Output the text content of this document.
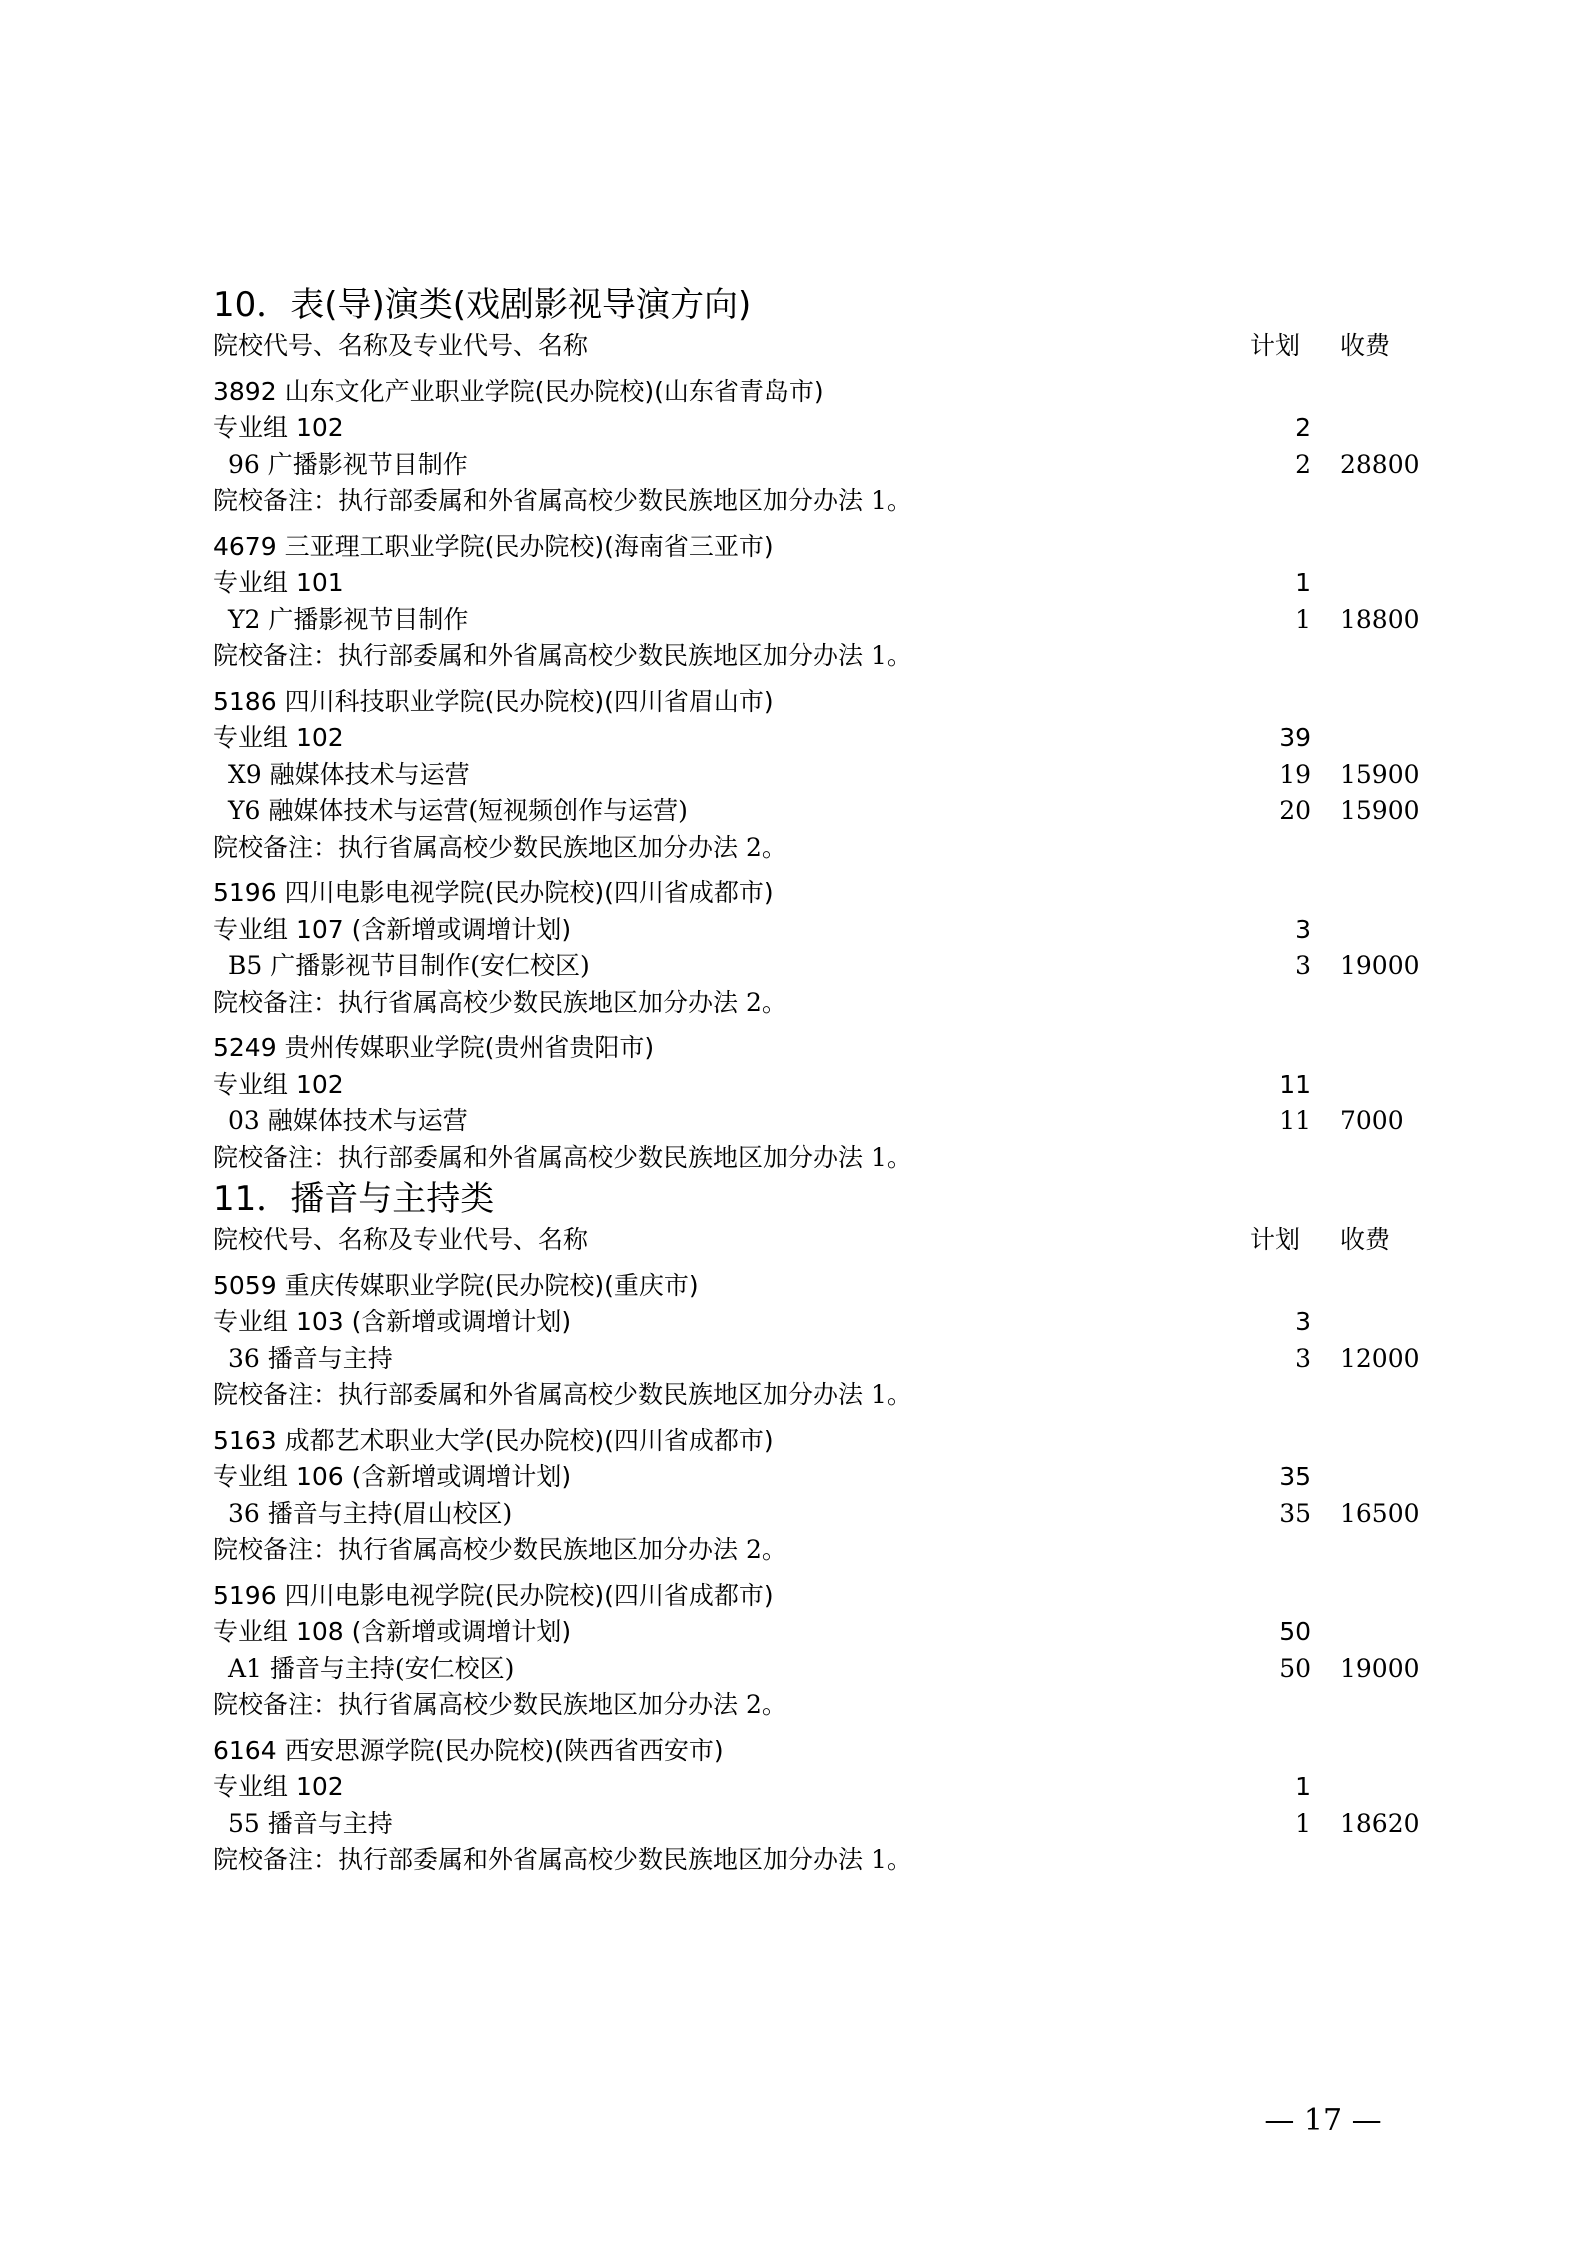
10．表(导)演类(戏剧影视导演方向)
院校代号、名称及专业代号、名称	计划	收费
3892 山东文化产业职业学院(民办院校)(山东省青岛市)
专业组 102	2
96 广播影视节目制作	2 28800
院校备注：执行部委属和外省属高校少数民族地区加分办法 1。
4679 三亚理工职业学院(民办院校)(海南省三亚市)
专业组 101	1
Y2 广播影视节目制作	1 18800
院校备注：执行部委属和外省属高校少数民族地区加分办法 1。
5186 四川科技职业学院(民办院校)(四川省眉山市)
专业组 102	39
X9 融媒体技术与运营	19 15900
Y6 融媒体技术与运营(短视频创作与运营)	20 15900
院校备注：执行省属高校少数民族地区加分办法 2。
5196 四川电影电视学院(民办院校)(四川省成都市)
专业组 107 (含新增或调增计划)	3
B5 广播影视节目制作(安仁校区)	3 19000
院校备注：执行省属高校少数民族地区加分办法 2。
5249 贵州传媒职业学院(贵州省贵阳市)
专业组 102	11
03 融媒体技术与运营	11 7000
院校备注：执行部委属和外省属高校少数民族地区加分办法 1。
11．播音与主持类
院校代号、名称及专业代号、名称	计划	收费
5059 重庆传媒职业学院(民办院校)(重庆市)
专业组 103 (含新增或调增计划)	3
36 播音与主持	3 12000
院校备注：执行部委属和外省属高校少数民族地区加分办法 1。
5163 成都艺术职业大学(民办院校)(四川省成都市)
专业组 106 (含新增或调增计划)	35
36 播音与主持(眉山校区)	35 16500
院校备注：执行省属高校少数民族地区加分办法 2。
5196 四川电影电视学院(民办院校)(四川省成都市)
专业组 108 (含新增或调增计划)	50
A1 播音与主持(安仁校区)	50 19000
院校备注：执行省属高校少数民族地区加分办法 2。
6164 西安思源学院(民办院校)(陕西省西安市)
专业组 102	1
55 播音与主持	1 18620
院校备注：执行部委属和外省属高校少数民族地区加分办法 1。
— 17 —
